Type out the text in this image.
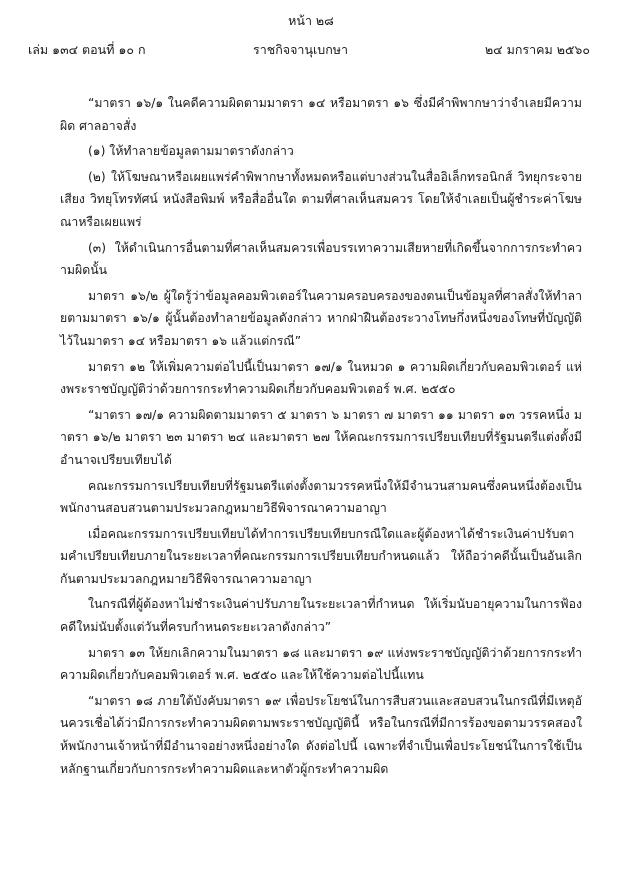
หน้า ๒๘
เล่ม ๑๓๔ ตอนที่ ๑๐ ก	ราชกิจจานุเบกษา	๒๔ มกราคม ๒๕๖๐

“มาตรา ๑๖/๑ ในคดีความผิดตามมาตรา ๑๔ หรือมาตรา ๑๖ ซึ่งมีคำพิพากษาว่าจำเลยมีความผิด ศาลอาจสั่ง

(๑) ให้ทำลายข้อมูลตามมาตราดังกล่าว

(๒) ให้โฆษณาหรือเผยแพร่คำพิพากษาทั้งหมดหรือแต่บางส่วนในสื่ออิเล็กทรอนิกส์ วิทยุกระจายเสียง วิทยุโทรทัศน์ หนังสือพิมพ์ หรือสื่ออื่นใด ตามที่ศาลเห็นสมควร โดยให้จำเลยเป็นผู้ชำระค่าโฆษณาหรือเผยแพร่

(๓) ให้ดำเนินการอื่นตามที่ศาลเห็นสมควรเพื่อบรรเทาความเสียหายที่เกิดขึ้นจากการกระทำความผิดนั้น

มาตรา ๑๖/๒ ผู้ใดรู้ว่าข้อมูลคอมพิวเตอร์ในความครอบครองของตนเป็นข้อมูลที่ศาลสั่งให้ทำลายตามมาตรา ๑๖/๑ ผู้นั้นต้องทำลายข้อมูลดังกล่าว หากฝ่าฝืนต้องระวางโทษกึ่งหนึ่งของโทษที่บัญญัติไว้ในมาตรา ๑๔ หรือมาตรา ๑๖ แล้วแต่กรณี”

มาตรา ๑๒ ให้เพิ่มความต่อไปนี้เป็นมาตรา ๑๗/๑ ในหมวด ๑ ความผิดเกี่ยวกับคอมพิวเตอร์ แห่งพระราชบัญญัติว่าด้วยการกระทำความผิดเกี่ยวกับคอมพิวเตอร์ พ.ศ. ๒๕๕๐

“มาตรา ๑๗/๑ ความผิดตามมาตรา ๕ มาตรา ๖ มาตรา ๗ มาตรา ๑๑ มาตรา ๑๓ วรรคหนึ่ง มาตรา ๑๖/๒ มาตรา ๒๓ มาตรา ๒๔ และมาตรา ๒๗ ให้คณะกรรมการเปรียบเทียบที่รัฐมนตรีแต่งตั้งมีอำนาจเปรียบเทียบได้

คณะกรรมการเปรียบเทียบที่รัฐมนตรีแต่งตั้งตามวรรคหนึ่งให้มีจำนวนสามคนซึ่งคนหนึ่งต้องเป็นพนักงานสอบสวนตามประมวลกฎหมายวิธีพิจารณาความอาญา

เมื่อคณะกรรมการเปรียบเทียบได้ทำการเปรียบเทียบกรณีใดและผู้ต้องหาได้ชำระเงินค่าปรับตามคำเปรียบเทียบภายในระยะเวลาที่คณะกรรมการเปรียบเทียบกำหนดแล้ว ให้ถือว่าคดีนั้นเป็นอันเลิกกันตามประมวลกฎหมายวิธีพิจารณาความอาญา

ในกรณีที่ผู้ต้องหาไม่ชำระเงินค่าปรับภายในระยะเวลาที่กำหนด ให้เริ่มนับอายุความในการฟ้องคดีใหม่นับตั้งแต่วันที่ครบกำหนดระยะเวลาดังกล่าว”

มาตรา ๑๓ ให้ยกเลิกความในมาตรา ๑๘ และมาตรา ๑๙ แห่งพระราชบัญญัติว่าด้วยการกระทำความผิดเกี่ยวกับคอมพิวเตอร์ พ.ศ. ๒๕๕๐ และให้ใช้ความต่อไปนี้แทน

“มาตรา ๑๘ ภายใต้บังคับมาตรา ๑๙ เพื่อประโยชน์ในการสืบสวนและสอบสวนในกรณีที่มีเหตุอันควรเชื่อได้ว่ามีการกระทำความผิดตามพระราชบัญญัตินี้ หรือในกรณีที่มีการร้องขอตามวรรคสองให้พนักงานเจ้าหน้าที่มีอำนาจอย่างหนึ่งอย่างใด ดังต่อไปนี้ เฉพาะที่จำเป็นเพื่อประโยชน์ในการใช้เป็นหลักฐานเกี่ยวกับการกระทำความผิดและหาตัวผู้กระทำความผิด
